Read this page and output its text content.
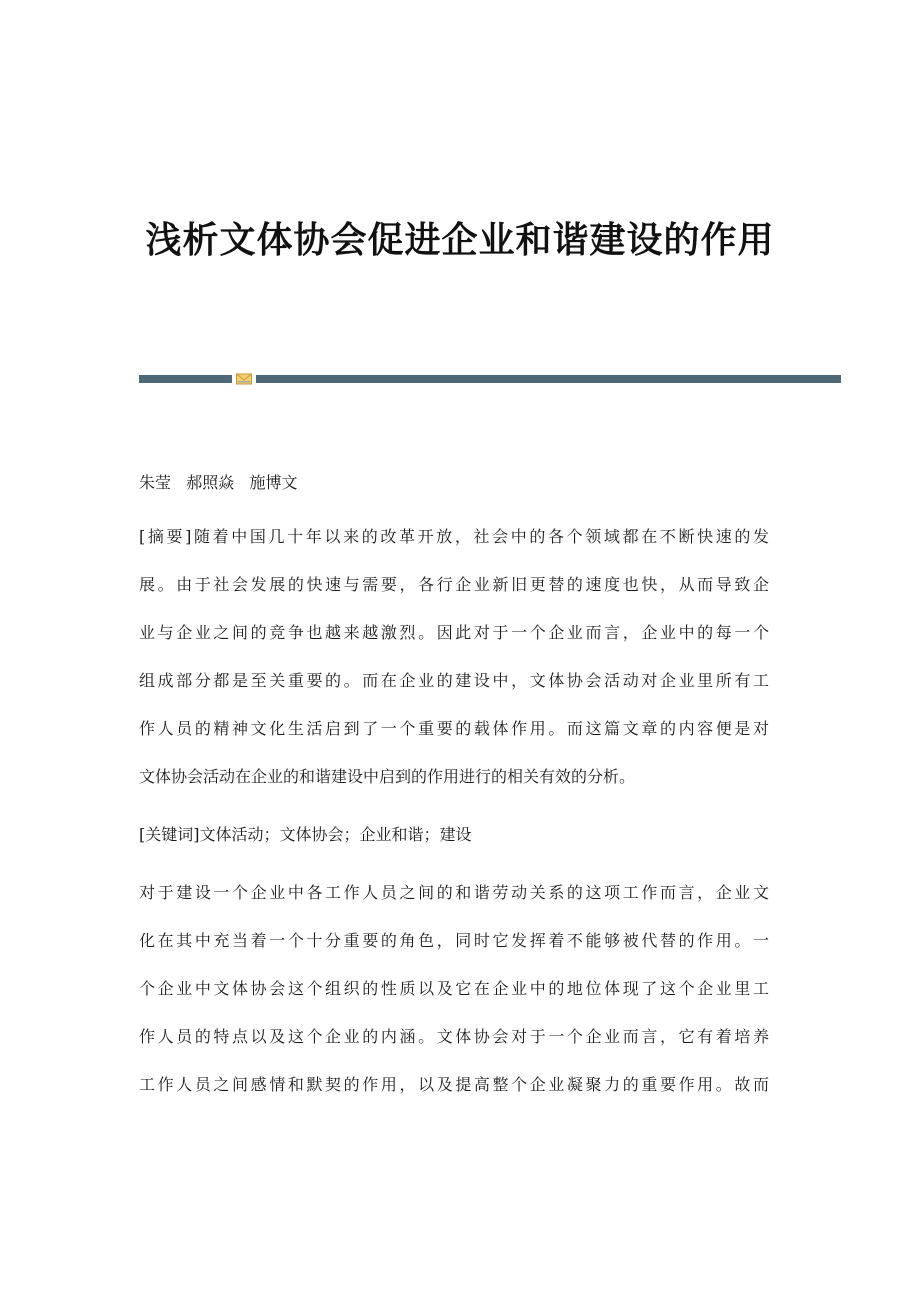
浅析文体协会促进企业和谐建设的作用
朱莹   郝照焱   施博文
[摘要]随着中国几十年以来的改革开放，社会中的各个领域都在不断快速的发
展。由于社会发展的快速与需要，各行企业新旧更替的速度也快，从而导致企
业与企业之间的竞争也越来越激烈。因此对于一个企业而言，企业中的每一个
组成部分都是至关重要的。而在企业的建设中，文体协会活动对企业里所有工
作人员的精神文化生活启到了一个重要的载体作用。而这篇文章的内容便是对
文体协会活动在企业的和谐建设中启到的作用进行的相关有效的分析。
[关键词]文体活动；文体协会；企业和谐；建设
对于建设一个企业中各工作人员之间的和谐劳动关系的这项工作而言，企业文
化在其中充当着一个十分重要的角色，同时它发挥着不能够被代替的作用。一
个企业中文体协会这个组织的性质以及它在企业中的地位体现了这个企业里工
作人员的特点以及这个企业的内涵。文体协会对于一个企业而言，它有着培养
工作人员之间感情和默契的作用，以及提高整个企业凝聚力的重要作用。故而
